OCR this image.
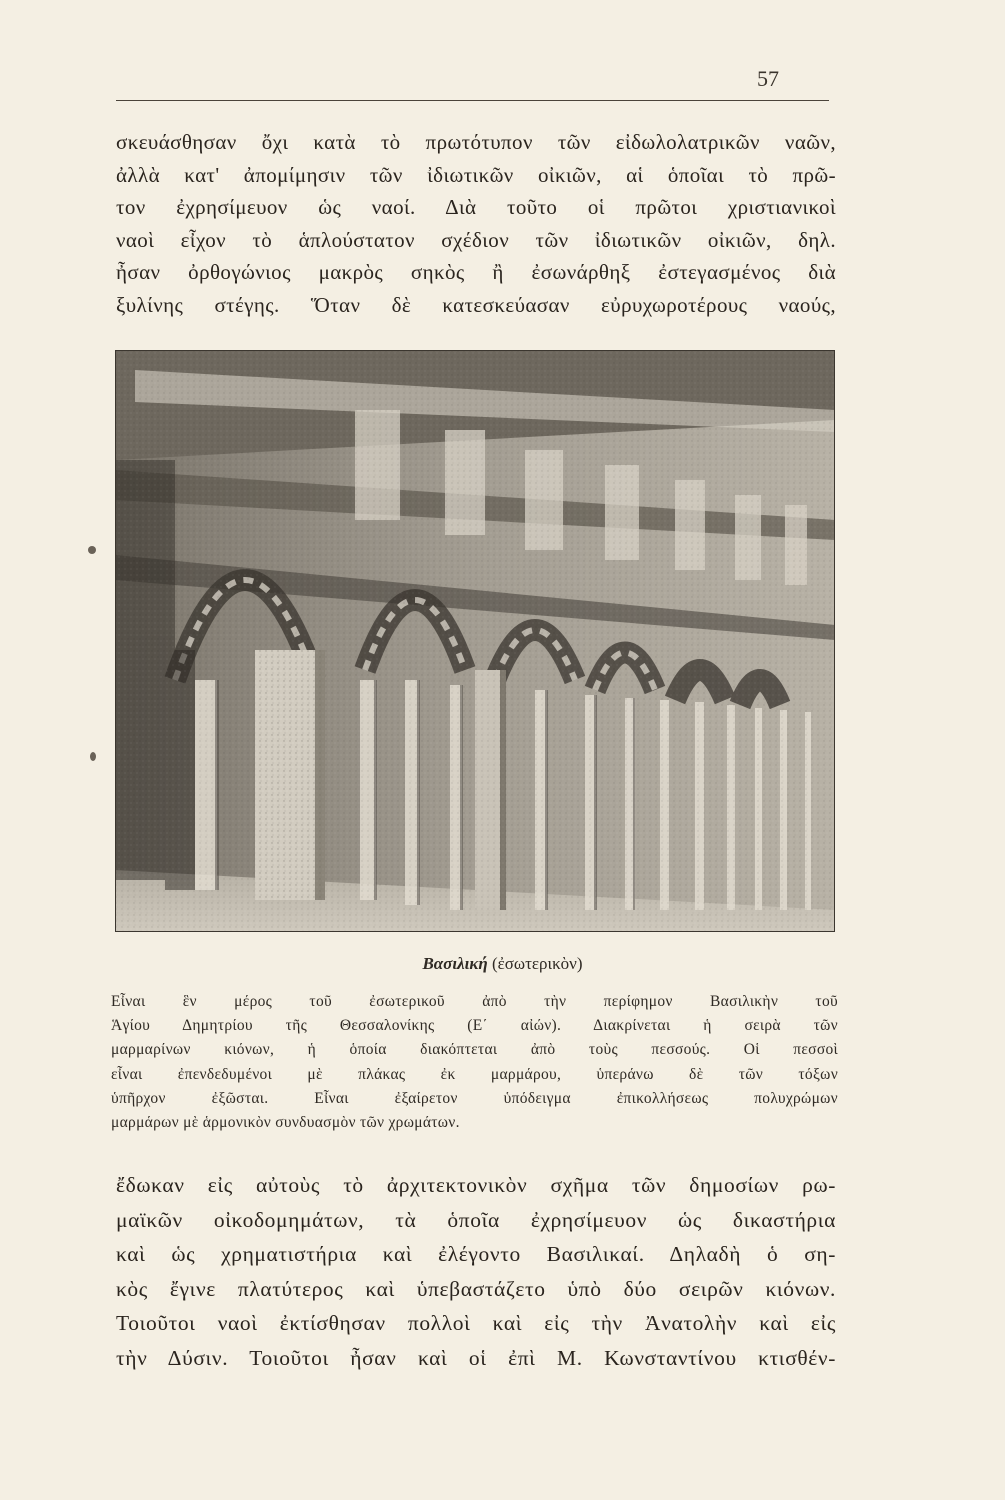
57
σκευάσθησαν ὄχι κατὰ τὸ πρωτότυπον τῶν εἰδωλολατρικῶν ναῶν,
ἀλλὰ κατ' ἀπομίμησιν τῶν ἰδιωτικῶν οἰκιῶν, αἱ ὁποῖαι τὸ πρῶ-
τον ἐχρησίμευον ὡς ναοί. Διὰ τοῦτο οἱ πρῶτοι χριστιανικοὶ
ναοὶ εἶχον τὸ ἁπλούστατον σχέδιον τῶν ἰδιωτικῶν οἰκιῶν, δηλ.
ἦσαν ὀρθογώνιος μακρὸς σηκὸς ἢ ἐσωνάρθηξ ἐστεγασμένος διὰ
ξυλίνης στέγης. Ὅταν δὲ κατεσκεύασαν εὐρυχωροτέρους ναούς,
Βασιλική (ἐσωτερικὸν)
Εἶναι ἓν μέρος τοῦ ἐσωτερικοῦ ἀπὸ τὴν περίφημον Βασιλικὴν τοῦ
Ἁγίου Δημητρίου τῆς Θεσσαλονίκης (Ε΄ αἰών). Διακρίνεται ἡ σειρὰ τῶν
μαρμαρίνων κιόνων, ἡ ὁποία διακόπτεται ἀπὸ τοὺς πεσσούς. Οἱ πεσσοὶ
εἶναι ἐπενδεδυμένοι μὲ πλάκας ἐκ μαρμάρου, ὑπεράνω δὲ τῶν τόξων
ὑπῆρχον ἐξῶσται. Εἶναι ἐξαίρετον ὑπόδειγμα ἐπικολλήσεως πολυχρώμων
μαρμάρων μὲ ἁρμονικὸν συνδυασμὸν τῶν χρωμάτων.
ἔδωκαν εἰς αὐτοὺς τὸ ἀρχιτεκτονικὸν σχῆμα τῶν δημοσίων ρω-
μαϊκῶν οἰκοδομημάτων, τὰ ὁποῖα ἐχρησίμευον ὡς δικαστήρια
καὶ ὡς χρηματιστήρια καὶ ἐλέγοντο Βασιλικαί. Δηλαδὴ ὁ ση-
κὸς ἔγινε πλατύτερος καὶ ὑπεβαστάζετο ὑπὸ δύο σειρῶν κιόνων.
Τοιοῦτοι ναοὶ ἐκτίσθησαν πολλοὶ καὶ εἰς τὴν Ἀνατολὴν καὶ εἰς
τὴν Δύσιν. Τοιοῦτοι ἦσαν καὶ οἱ ἐπὶ Μ. Κωνσταντίνου κτισθέν-
